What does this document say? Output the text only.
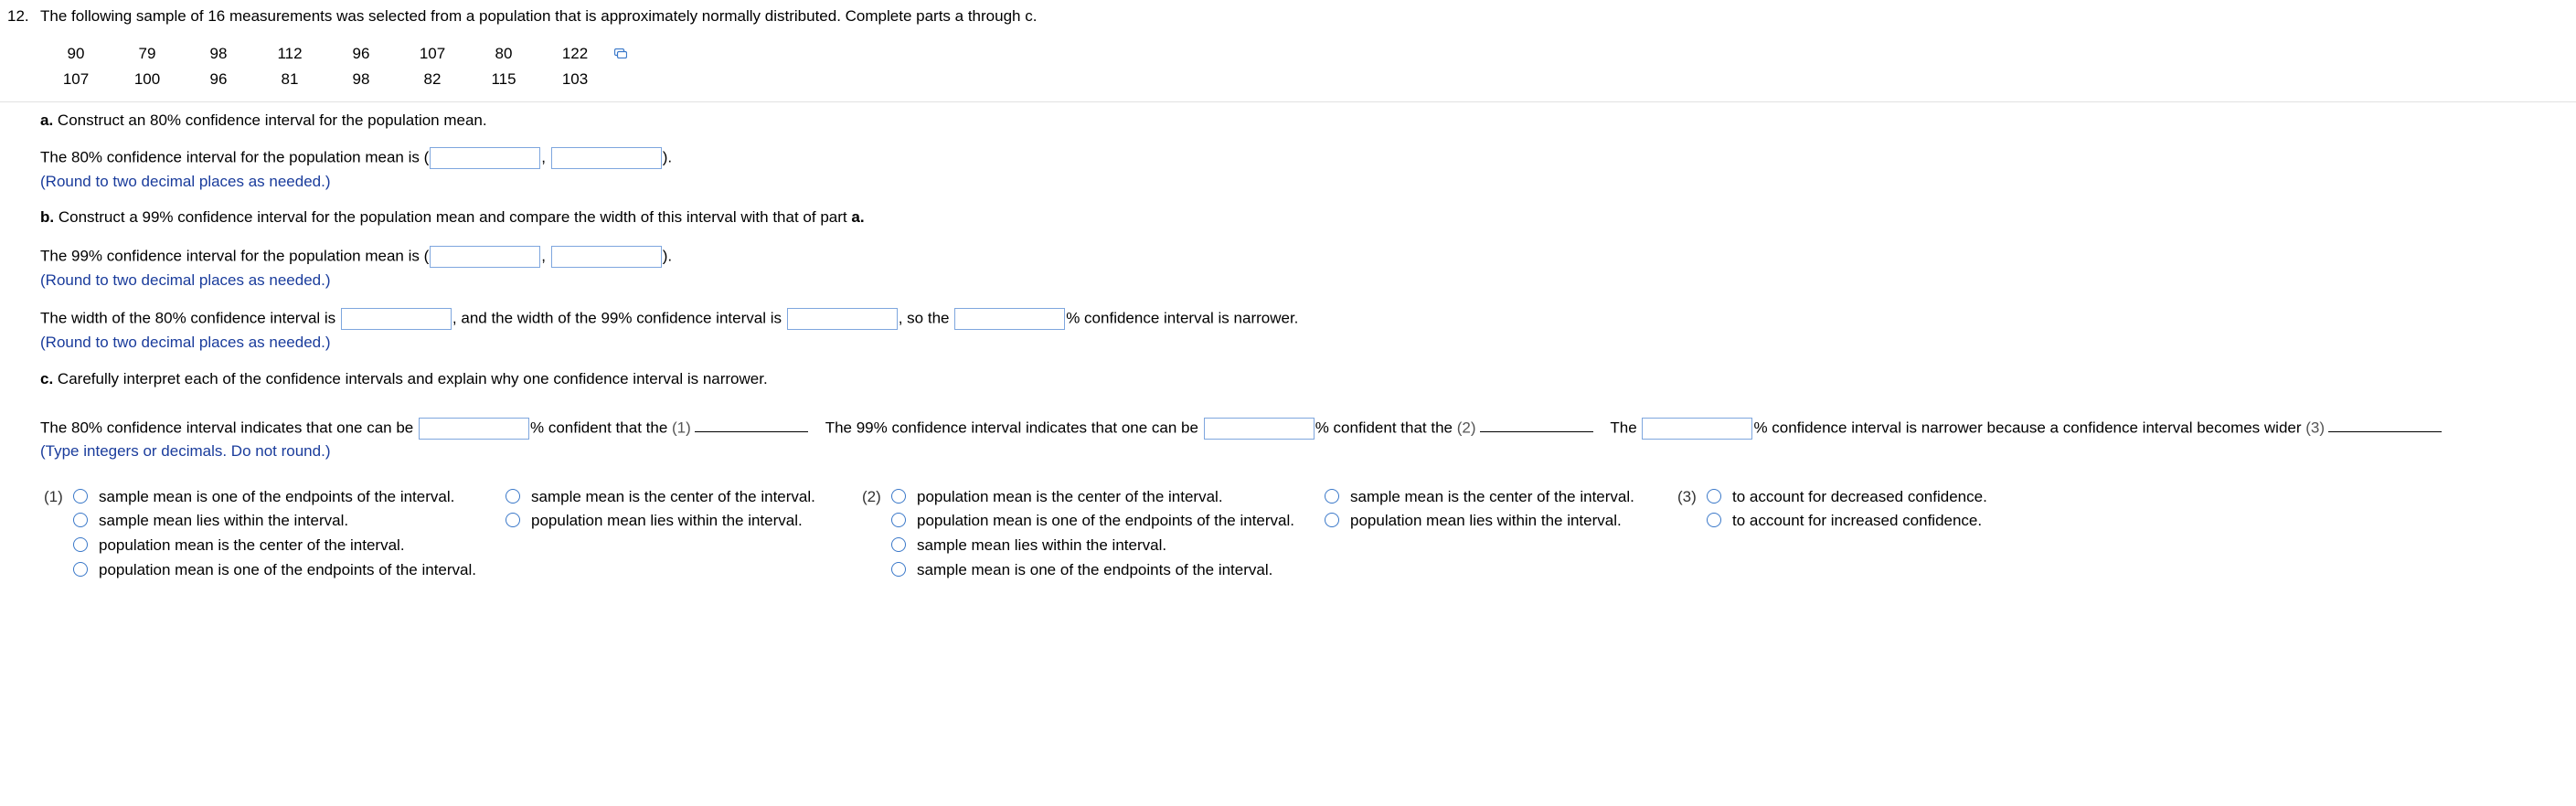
12. The following sample of 16 measurements was selected from a population that is approximately normally distributed. Complete parts a through c.
90	79	98	112	96	107	80	122
107	100	96	81	98	82	115	103
a. Construct an 80% confidence interval for the population mean.
The 80% confidence interval for the population mean is (	,	).
(Round to two decimal places as needed.)
b. Construct a 99% confidence interval for the population mean and compare the width of this interval with that of part a.
The 99% confidence interval for the population mean is (	,	).
(Round to two decimal places as needed.)
The width of the 80% confidence interval is	, and the width of the 99% confidence interval is	, so the	% confidence interval is narrower.
(Round to two decimal places as needed.)
c. Carefully interpret each of the confidence intervals and explain why one confidence interval is narrower.
The 80% confidence interval indicates that one can be	% confident that the (1)	The 99% confidence interval indicates that one can be	% confident that the (2)	The	% confidence interval is narrower because a confidence interval becomes wider (3)
(Type integers or decimals. Do not round.)
(1)	sample mean is one of the endpoints of the interval.
sample mean lies within the interval.
population mean is the center of the interval.
population mean is one of the endpoints of the interval.
sample mean is the center of the interval.
population mean lies within the interval.
(2)	population mean is the center of the interval.
population mean is one of the endpoints of the interval.
sample mean lies within the interval.
sample mean is one of the endpoints of the interval.
sample mean is the center of the interval.
population mean lies within the interval.
(3)	to account for decreased confidence.
to account for increased confidence.
